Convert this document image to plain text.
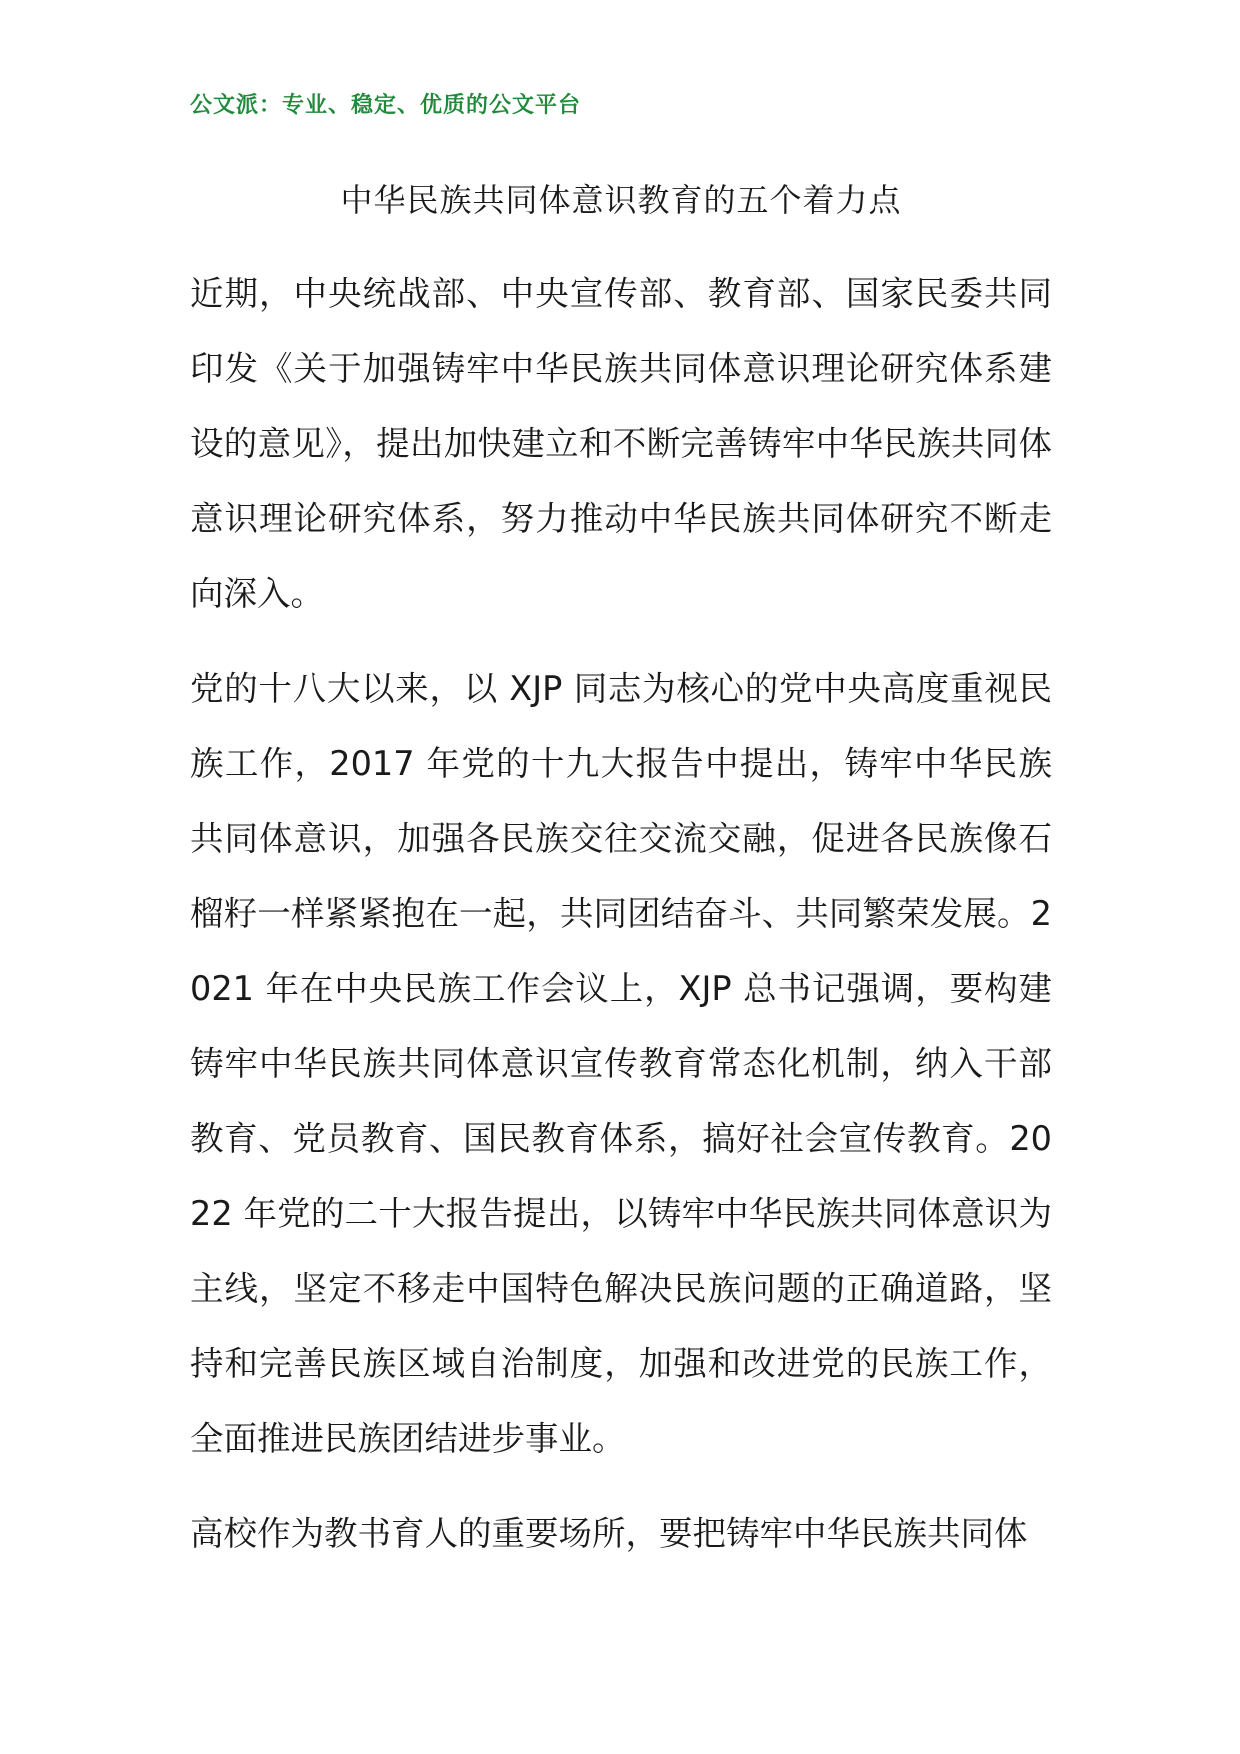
公文派：专业、稳定、优质的公文平台
中华民族共同体意识教育的五个着力点

近期，中央统战部、中央宣传部、教育部、国家民委共同印发《关于加强铸牢中华民族共同体意识理论研究体系建设的意见》，提出加快建立和不断完善铸牢中华民族共同体意识理论研究体系，努力推动中华民族共同体研究不断走向深入。

党的十八大以来，以 XJP 同志为核心的党中央高度重视民族工作，2017 年党的十九大报告中提出，铸牢中华民族共同体意识，加强各民族交往交流交融，促进各民族像石榴籽一样紧紧抱在一起，共同团结奋斗、共同繁荣发展。2021 年在中央民族工作会议上，XJP 总书记强调，要构建铸牢中华民族共同体意识宣传教育常态化机制，纳入干部教育、党员教育、国民教育体系，搞好社会宣传教育。2022 年党的二十大报告提出，以铸牢中华民族共同体意识为主线，坚定不移走中国特色解决民族问题的正确道路，坚持和完善民族区域自治制度，加强和改进党的民族工作，全面推进民族团结进步事业。

高校作为教书育人的重要场所，要把铸牢中华民族共同体
